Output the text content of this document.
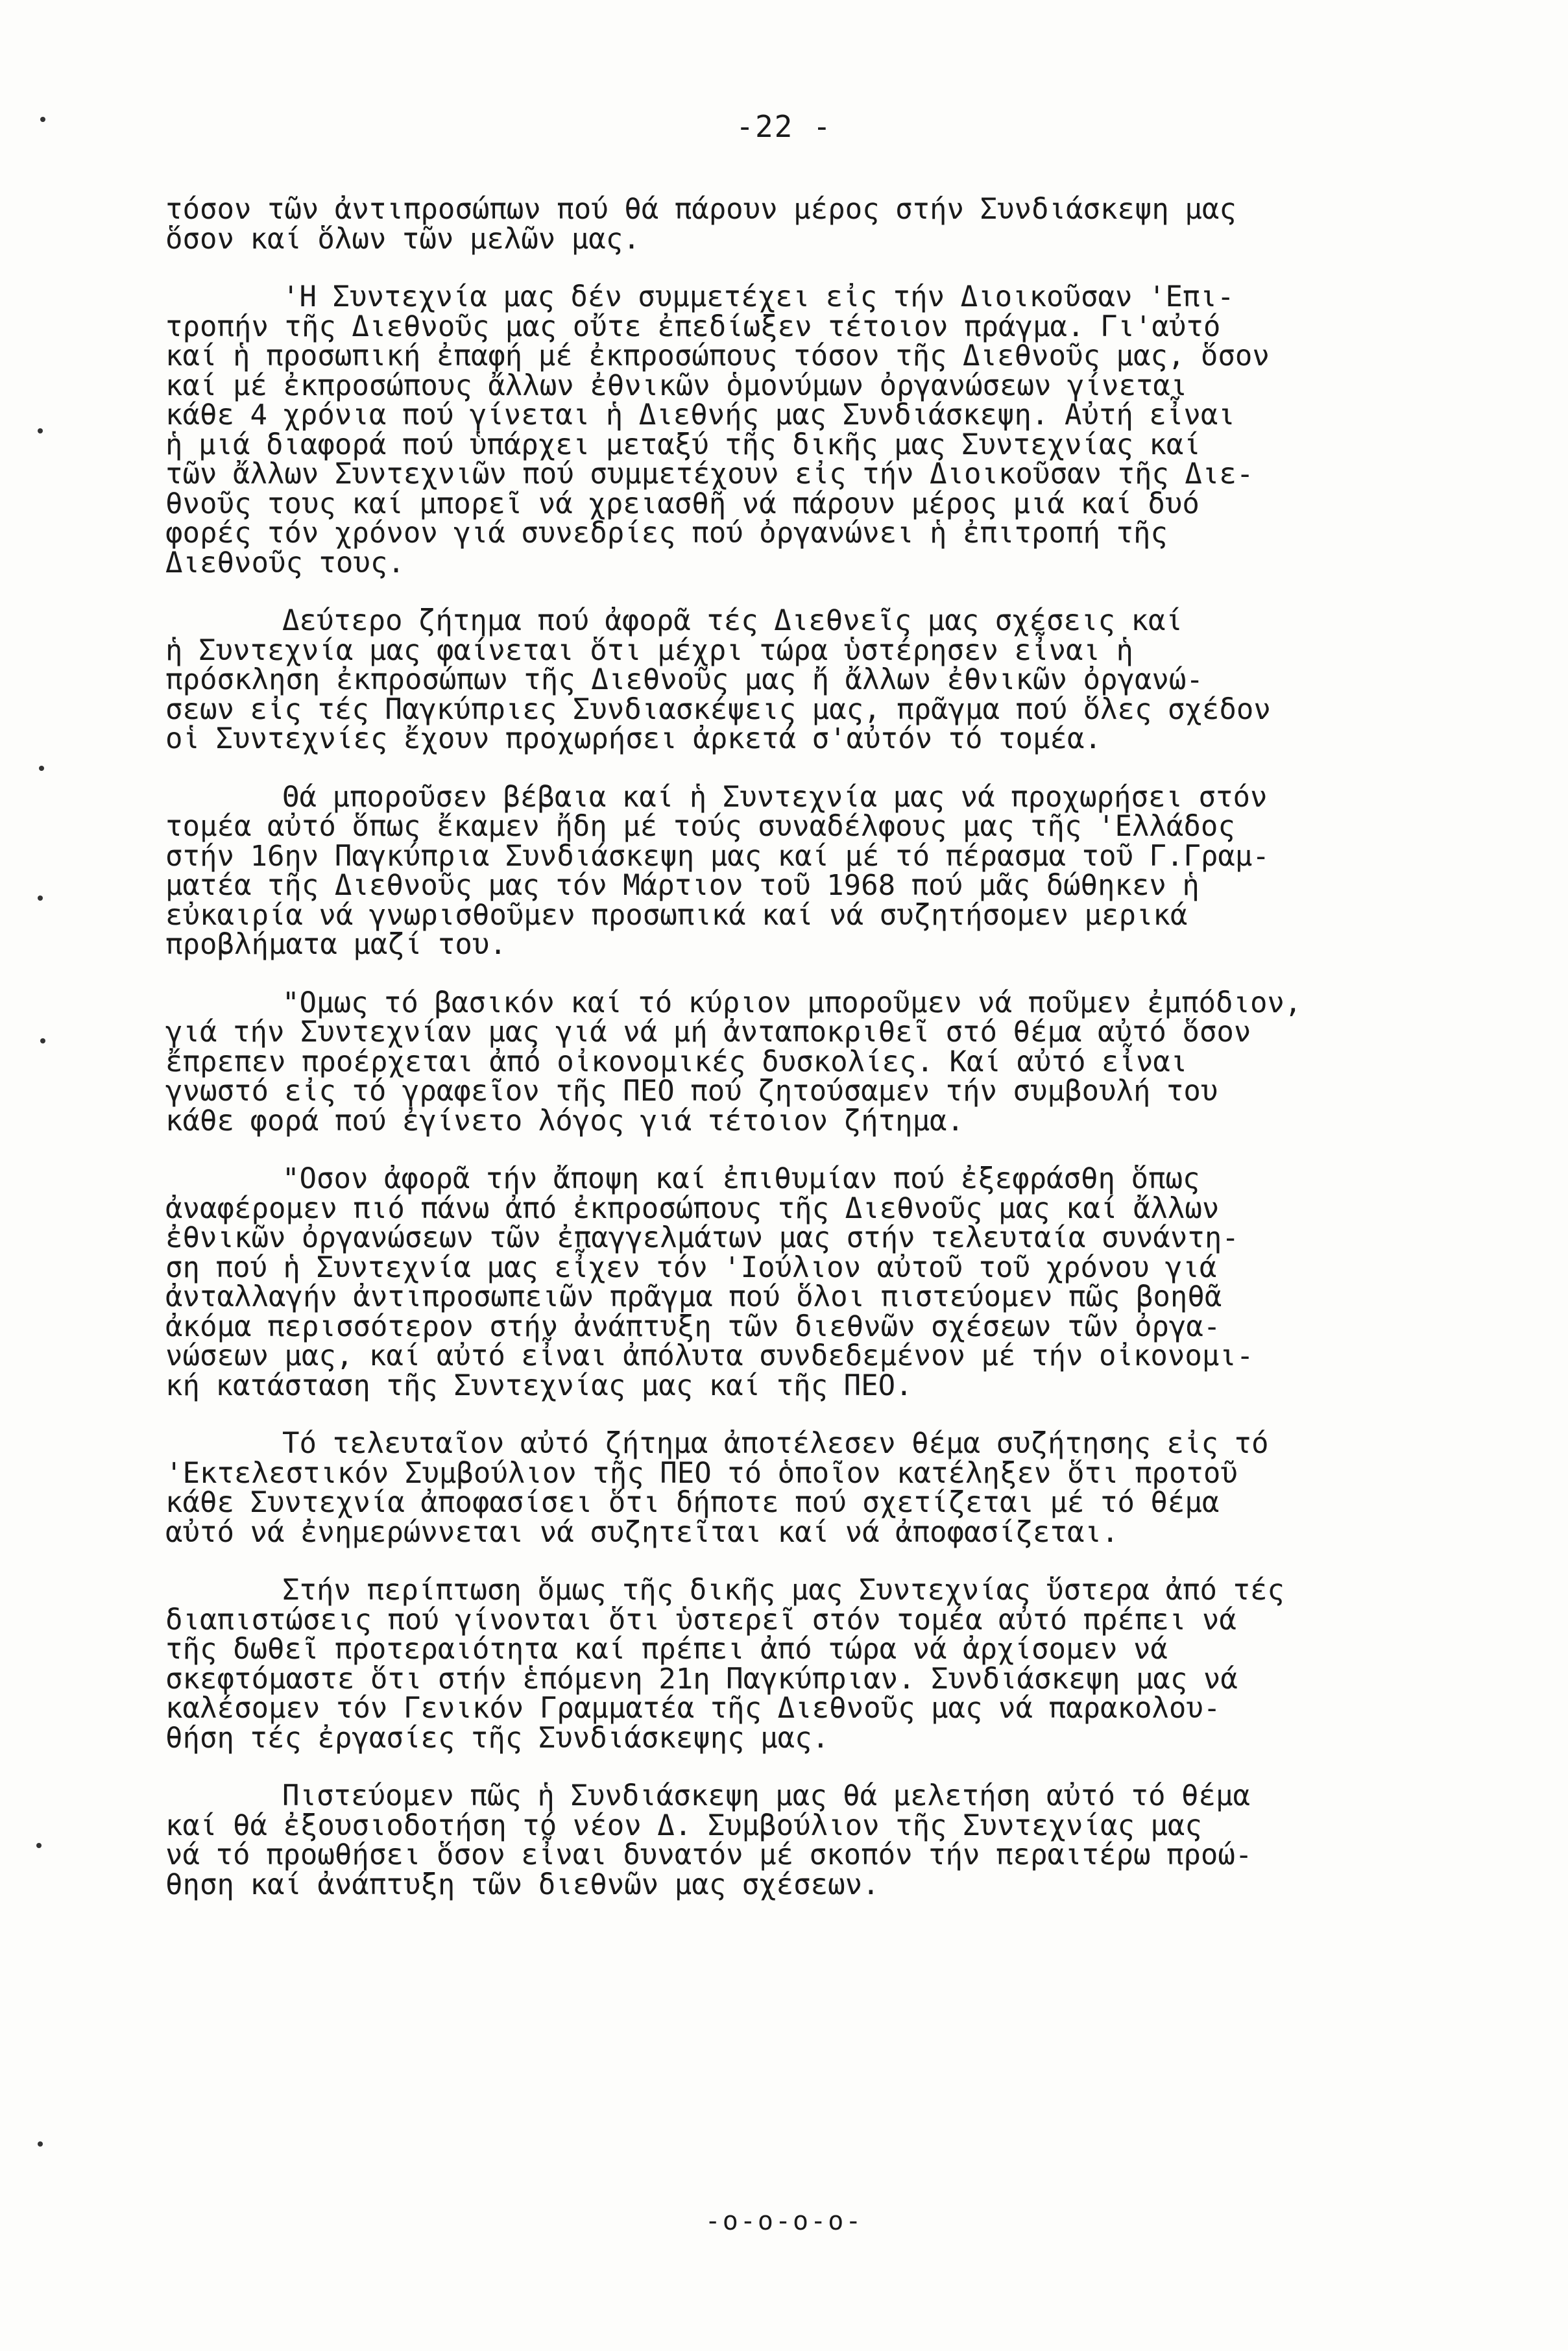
-22 -
τόσον τῶν ἀντιπροσώπων πού θά πάρουν μέρος στήν Συνδιάσκεψη μας
ὅσον καί ὅλων τῶν μελῶν μας.
'Η Συντεχνία μας δέν συμμετέχει εἰς τήν Διοικοῦσαν 'Επι-
τροπήν τῆς Διεθνοῦς μας οὔτε ἐπεδίωξεν τέτοιον πράγμα. Γι'αὐτό
καί ἡ προσωπική ἐπαφή μέ ἐκπροσώπους τόσον τῆς Διεθνοῦς μας, ὅσον
καί μέ ἐκπροσώπους ἄλλων ἐθνικῶν ὁμονύμων ὀργανώσεων γίνεται
κάθε 4 χρόνια πού γίνεται ἡ Διεθνής μας Συνδιάσκεψη. Αὐτή εἶναι
ἡ μιά διαφορά πού ὑπάρχει μεταξύ τῆς δικῆς μας Συντεχνίας καί
τῶν ἄλλων Συντεχνιῶν πού συμμετέχουν εἰς τήν Διοικοῦσαν τῆς Διε-
θνοῦς τους καί μπορεῖ νά χρειασθῆ νά πάρουν μέρος μιά καί δυό
φορές τόν χρόνον γιά συνεδρίες πού ὀργανώνει ἡ ἐπιτροπή τῆς
Διεθνοῦς τους.
Δεύτερο ζήτημα πού ἀφορᾶ τές Διεθνεῖς μας σχέσεις καί
ἡ Συντεχνία μας φαίνεται ὅτι μέχρι τώρα ὑστέρησεν εἶναι ἡ
πρόσκληση ἐκπροσώπων τῆς Διεθνοῦς μας ἤ ἄλλων ἐθνικῶν ὀργανώ-
σεων εἰς τές Παγκύπριες Συνδιασκέψεις μας, πρᾶγμα πού ὅλες σχέδον
οἱ Συντεχνίες ἔχουν προχωρήσει ἀρκετά σ'αὐτόν τό τομέα.
Θά μποροῦσεν βέβαια καί ἡ Συντεχνία μας νά προχωρήσει στόν
τομέα αὐτό ὅπως ἔκαμεν ἤδη μέ τούς συναδέλφους μας τῆς 'Ελλάδος
στήν 16ην Παγκύπρια Συνδιάσκεψη μας καί μέ τό πέρασμα τοῦ Γ.Γραμ-
ματέα τῆς Διεθνοῦς μας τόν Μάρτιον τοῦ 1968 πού μᾶς δώθηκεν ἡ
εὐκαιρία νά γνωρισθοῦμεν προσωπικά καί νά συζητήσομεν μερικά
προβλήματα μαζί του.
"Ομως τό βασικόν καί τό κύριον μποροῦμεν νά ποῦμεν ἐμπόδιον,
γιά τήν Συντεχνίαν μας γιά νά μή ἀνταποκριθεῖ στό θέμα αὐτό ὅσον
ἔπρεπεν προέρχεται ἀπό οἰκονομικές δυσκολίες. Καί αὐτό εἶναι
γνωστό εἰς τό γραφεῖον τῆς ΠΕΟ πού ζητούσαμεν τήν συμβουλή του
κάθε φορά πού ἐγίνετο λόγος γιά τέτοιον ζήτημα.
"Οσον ἀφορᾶ τήν ἄποψη καί ἐπιθυμίαν πού ἐξεφράσθη ὅπως
ἀναφέρομεν πιό πάνω ἀπό ἐκπροσώπους τῆς Διεθνοῦς μας καί ἄλλων
ἐθνικῶν ὀργανώσεων τῶν ἐπαγγελμάτων μας στήν τελευταία συνάντη-
ση πού ἡ Συντεχνία μας εἶχεν τόν 'Ιούλιον αὐτοῦ τοῦ χρόνου γιά
ἀνταλλαγήν ἀντιπροσωπειῶν πρᾶγμα πού ὅλοι πιστεύομεν πῶς βοηθᾶ
ἀκόμα περισσότερον στήν ἀνάπτυξη τῶν διεθνῶν σχέσεων τῶν ὀργα-
νώσεων μας, καί αὐτό εἶναι ἀπόλυτα συνδεδεμένον μέ τήν οἰκονομι-
κή κατάσταση τῆς Συντεχνίας μας καί τῆς ΠΕΟ.
Τό τελευταῖον αὐτό ζήτημα ἀποτέλεσεν θέμα συζήτησης εἰς τό
'Εκτελεστικόν Συμβούλιον τῆς ΠΕΟ τό ὁποῖον κατέληξεν ὅτι προτοῦ
κάθε Συντεχνία ἀποφασίσει ὅτι δήποτε πού σχετίζεται μέ τό θέμα
αὐτό νά ἐνημερώννεται νά συζητεῖται καί νά ἀποφασίζεται.
Στήν περίπτωση ὅμως τῆς δικῆς μας Συντεχνίας ὕστερα ἀπό τές
διαπιστώσεις πού γίνονται ὅτι ὑστερεῖ στόν τομέα αὐτό πρέπει νά
τῆς δωθεῖ προτεραιότητα καί πρέπει ἀπό τώρα νά ἀρχίσομεν νά
σκεφτόμαστε ὅτι στήν ἑπόμενη 21η Παγκύπριαν. Συνδιάσκεψη μας νά
καλέσομεν τόν Γενικόν Γραμματέα τῆς Διεθνοῦς μας νά παρακολου-
θήση τές ἐργασίες τῆς Συνδιάσκεψης μας.
Πιστεύομεν πῶς ἡ Συνδιάσκεψη μας θά μελετήση αὐτό τό θέμα
καί θά ἐξουσιοδοτήση τό νέον Δ. Συμβούλιον τῆς Συντεχνίας μας
νά τό προωθήσει ὅσον εἶναι δυνατόν μέ σκοπόν τήν περαιτέρω προώ-
θηση καί ἀνάπτυξη τῶν διεθνῶν μας σχέσεων.
-o-o-o-o-
